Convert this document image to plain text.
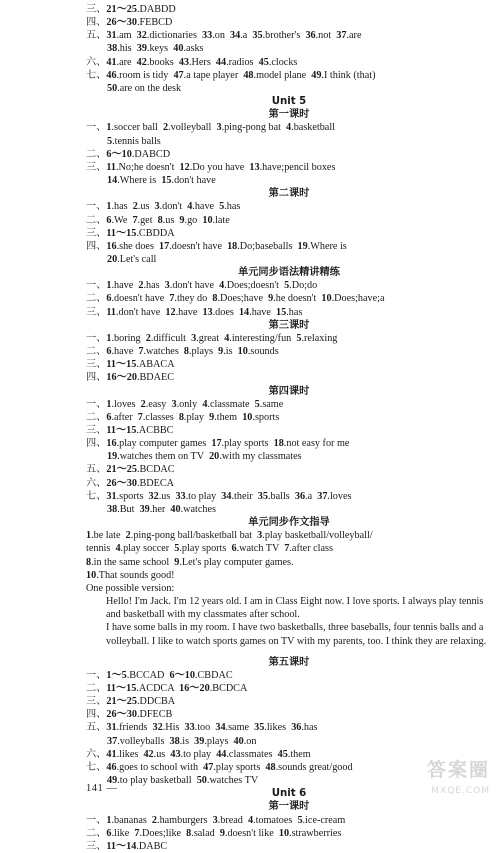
三、21～25.DABDD
四、26～30.FEBCD
五、31.am  32.dictionaries  33.on  34.a  35.brother's  36.not  37.are
38.his  39.keys  40.asks
六、41.are  42.books  43.Hers  44.radios  45.clocks
七、46.room is tidy  47.a tape player  48.model plane  49.I think (that)
50.are on the desk
Unit 5
第一课时
一、1.soccer ball  2.volleyball  3.ping-pong bat  4.basketball
5.tennis balls
二、6～10.DABCD
三、11.No;he doesn't  12.Do you have  13.have;pencil boxes
14.Where is  15.don't have
第二课时
一、1.has  2.us  3.don't  4.have  5.has
二、6.We  7.get  8.us  9.go  10.late
三、11～15.CBDDA
四、16.she does  17.doesn't have  18.Do;baseballs  19.Where is
20.Let's call
单元同步语法精讲精练
一、1.have  2.has  3.don't have  4.Does;doesn't  5.Do;do
二、6.doesn't have  7.they do  8.Does;have  9.he doesn't  10.Does;have;a
三、11.don't have  12.have  13.does  14.have  15.has
第三课时
一、1.boring  2.difficult  3.great  4.interesting/fun  5.relaxing
二、6.have  7.watches  8.plays  9.is  10.sounds
三、11～15.ABACA
四、16～20.BDAEC
第四课时
一、1.loves  2.easy  3.only  4.classmate  5.same
二、6.after  7.classes  8.play  9.them  10.sports
三、11～15.ACBBC
四、16.play computer games  17.play sports  18.not easy for me
19.watches them on TV  20.with my classmates
五、21～25.BCDAC
六、26～30.BDECA
七、31.sports  32.us  33.to play  34.their  35.balls  36.a  37.loves
38.But  39.her  40.watches
单元同步作文指导
1.be late  2.ping-pong ball/basketball bat  3.play basketball/volleyball/
tennis  4.play soccer  5.play sports  6.watch TV  7.after class
8.in the same school  9.Let's play computer games.
10.That sounds good!
One possible version:
Hello! I'm Jack. I'm 12 years old. I am in Class Eight now. I love sports. I always play tennis and basketball with my classmates after school.
I have some balls in my room. I have two basketballs, three baseballs, four tennis balls and a volleyball. I like to watch sports games on TV with my parents, too. I think they are relaxing.
第五课时
一、1～5.BCCAD  6～10.CBDAC
二、11～15.ACDCA  16～20.BCDCA
三、21～25.DDCBA
四、26～30.DFECB
五、31.friends  32.His  33.too  34.same  35.likes  36.has
37.volleyballs  38.is  39.plays  40.on
六、41.likes  42.us  43.to play  44.classmates  45.them
七、46.goes to school with  47.play sports  48.sounds great/good
49.to play basketball  50.watches TV
Unit 6
第一课时
一、1.bananas  2.hamburgers  3.bread  4.tomatoes  5.ice-cream
二、6.like  7.Does;like  8.salad  9.doesn't like  10.strawberries
三、11～14.DABC
141 —
答案圈
MXQE.COM
